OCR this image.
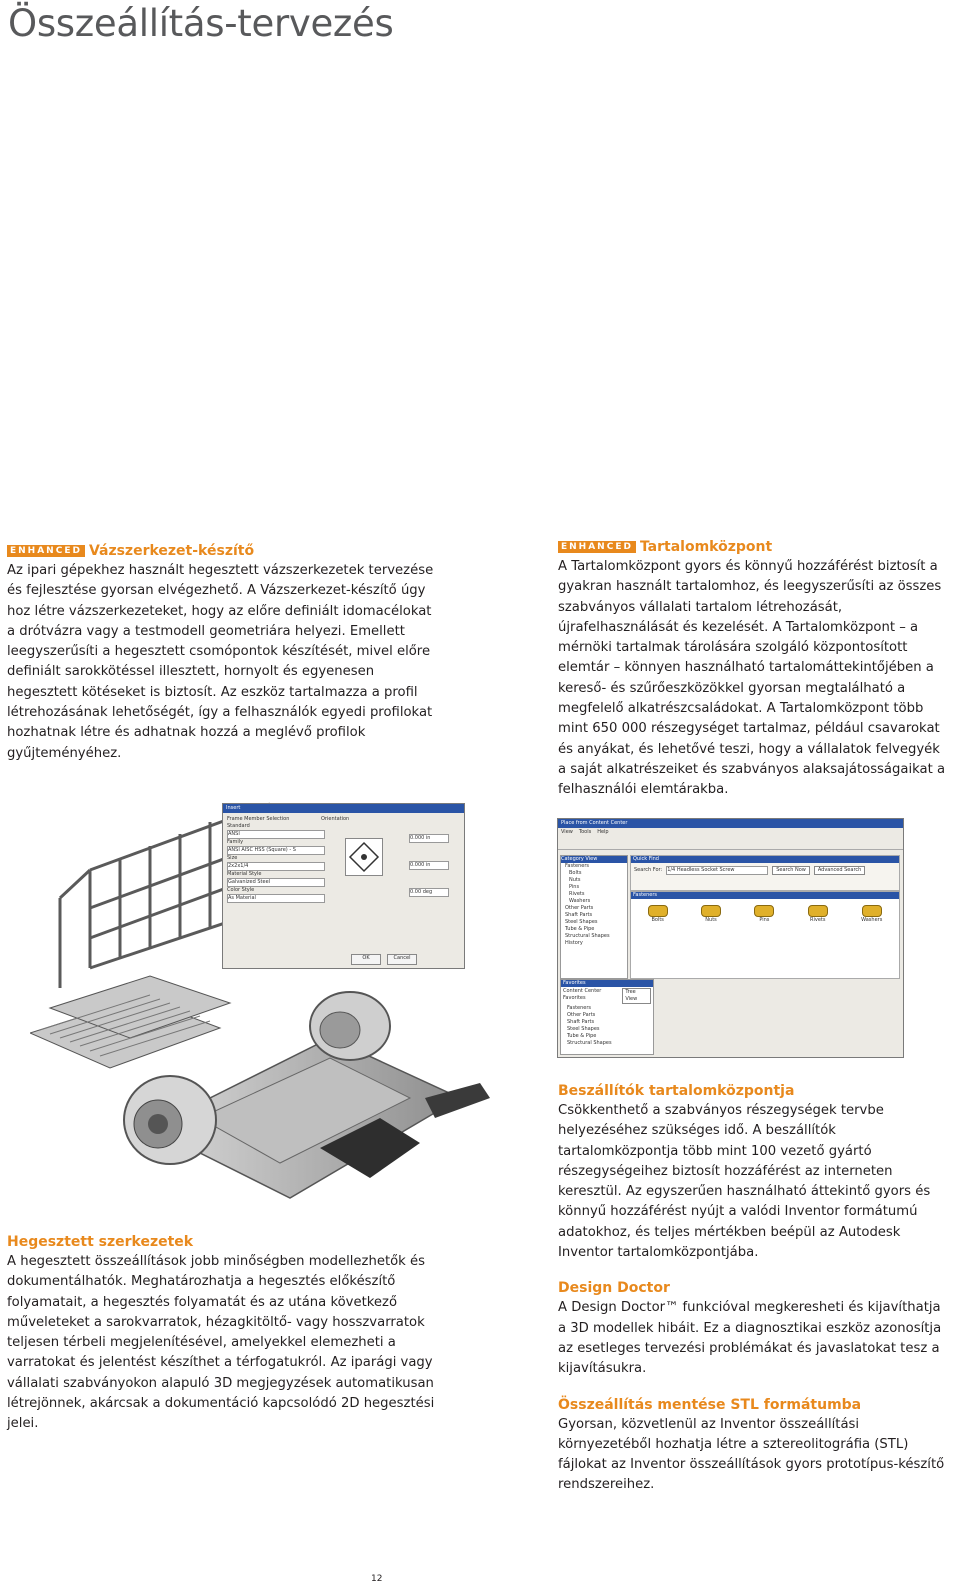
Összeállítás-tervezés
ENHANCED Vázszerkezet-készítő

Az ipari gépekhez használt hegesztett vázszerkezetek tervezése és fejlesztése gyorsan elvégezhető. A Vázszerkezet-készítő úgy hoz létre vázszerkezeteket, hogy az előre definiált idomacélokat a drótvázra vagy a testmodell geometriára helyezi. Emellett leegyszerűsíti a hegesztett csomópontok készítését, mivel előre definiált sarokkötéssel illesztett, hornyolt és egyenesen hegesztett kötéseket is biztosít. Az eszköz tartalmazza a profil létrehozásának lehetőségét, így a felhasználók egyedi profilokat hozhatnak létre és adhatnak hozzá a meglévő profilok gyűjteményéhez.

ENHANCED Tartalomközpont

A Tartalomközpont gyors és könnyű hozzáférést biztosít a gyakran használt tartalomhoz, és leegyszerűsíti az összes szabványos vállalati tartalom létrehozását, újrafelhasználását és kezelését. A Tartalomközpont – a mérnöki tartalmak tárolására szolgáló központosított elemtár – könnyen használható tartalomáttekintőjében a kereső- és szűrőeszközökkel gyorsan megtalálható a megfelelő alkatrészcsaládokat. A Tartalomközpont több mint 650 000 részegységet tartalmaz, például csavarokat és anyákat, és lehetővé teszi, hogy a vállalatok felvegyék a saját alkatrészeiket és szabványos alaksajátosságaikat a felhasználói elemtárakba.

Insert
Frame Member Selection
Standard
ANSI
Family
ANSI AISC HSS (Square) - S
Size
2x2x1/4
Material Style
Galvanized Steel
Color Style
As Material
Orientation
0.000 in
0.000 in
0.00 deg
OK	Cancel
Place from Content Center
View Tools Help
Category View
Fasteners
Bolts
Nuts
Pins
Rivets
Washers
Other Parts
Shaft Parts
Steel Shapes
Tube & Pipe
Structural Shapes
History
Quick Find
Search For: 1/4 Headless Socket Screw	Search Now	Advanced Search
Fasteners
Bolts	Nuts	Pins	Rivets	Washers
Favorites
Content Center Favorites
Tree View
Fasteners
Other Parts
Shaft Parts
Steel Shapes
Tube & Pipe
Structural Shapes
Hegesztett szerkezetek

A hegesztett összeállítások jobb minőségben modellezhetők és dokumentálhatók. Meghatározhatja a hegesztés előkészítő folyamatait, a hegesztés folyamatát és az utána következő műveleteket a sarokvarratok, hézagkitöltő- vagy hosszvarratok teljesen térbeli megjelenítésével, amelyekkel elemezheti a varratokat és jelentést készíthet a térfogatukról. Az iparági vagy vállalati szabványokon alapuló 3D megjegyzések automatikusan létrejönnek, akárcsak a dokumentáció kapcsolódó 2D hegesztési jelei.

Beszállítók tartalomközpontja

Csökkenthető a szabványos részegységek tervbe helyezéséhez szükséges idő. A beszállítók tartalomközpontja több mint 100 vezető gyártó részegységeihez biztosít hozzáférést az interneten keresztül. Az egyszerűen használható áttekintő gyors és könnyű hozzáférést nyújt a valódi Inventor formátumú adatokhoz, és teljes mértékben beépül az Autodesk Inventor tartalomközpontjába.

Design Doctor

A Design Doctor™ funkcióval megkeresheti és kijavíthatja a 3D modellek hibáit. Ez a diagnosztikai eszköz azonosítja az esetleges tervezési problémákat és javaslatokat tesz a kijavításukra.

Összeállítás mentése STL formátumba

Gyorsan, közvetlenül az Inventor összeállítási környezetéből hozhatja létre a sztereolitográfia (STL) fájlokat az Inventor összeállítások gyors prototípus-készítő rendszereihez.

12
